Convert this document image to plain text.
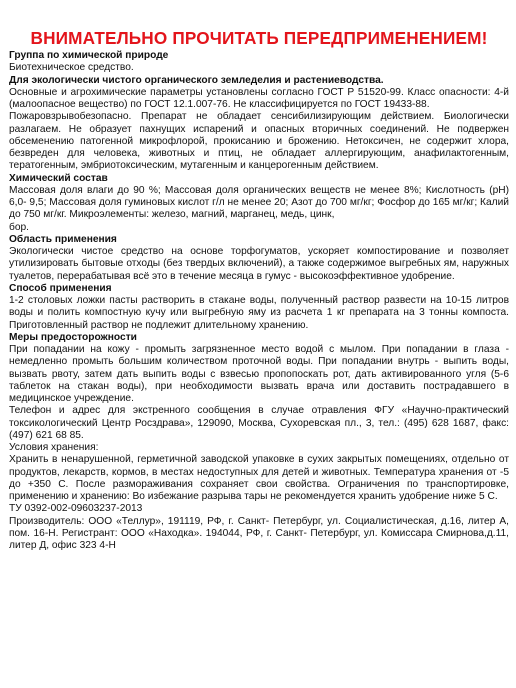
ВНИМАТЕЛЬНО ПРОЧИТАТЬ ПЕРЕДПРИМЕНЕНИЕМ!
Группа по химической природе
Биотехническое средство.
Для экологически чистого органического земледелия и растениеводства.
Основные и агрохимические параметры установлены согласно ГОСТ Р 51520-99. Класс опасности: 4-й (малоопасное вещество) по ГОСТ 12.1.007-76. Не классифицируется по ГОСТ 19433-88.
Пожаровзрывобезопасно. Препарат не обладает сенсибилизирующим действием. Биологически разлагаем. Не образует пахнущих испарений и опасных вторичных соединений. Не подвержен обсеменению патогенной микрофлорой, прокисанию и брожению. Нетоксичен, не содержит хлора, безвреден для человека, животных и птиц, не обладает аллергирующим, анафилактогенным, тератогенным, эмбриотоксическим, мутагенным и канцерогенным действием.
Химический состав
Массовая доля влаги до 90 %; Массовая доля органических веществ не менее 8%; Кислотность (рН) 6,0- 9,5; Массовая доля гуминовых кислот г/л не менее 20; Азот до 700 мг/кг; Фосфор до 165 мг/кг; Калий до 750 мг/кг. Микроэлементы: железо, магний, марганец, медь, цинк,
бор.
Область применения
Экологически чистое средство на основе торфогуматов, ускоряет компостирование и позволяет утилизировать бытовые отходы (без твердых включений), а также содержимое выгребных ям, наружных туалетов, перерабатывая всё это в течение месяца в гумус - высокоэффективное удобрение.
Способ применения
1-2 столовых ложки пасты растворить в стакане воды, полученный раствор развести на 10-15 литров воды и полить компостную кучу или выгребную яму из расчета 1 кг препарата на 3 тонны компоста. Приготовленный раствор не подлежит длительному хранению.
Меры предосторожности
При попадании на кожу - промыть загрязненное место водой с мылом. При попадании в глаза - немедленно промыть большим количеством проточной воды. При попадании внутрь - выпить воды, вызвать рвоту, затем дать выпить воды с взвесью пропопоскать рот, дать активированного угля (5-6 таблеток на стакан воды), при необходимости вызвать врача или доставить пострадавшего в медицинское учреждение.
Телефон и адрес для экстренного сообщения в случае отравления ФГУ «Научно-практический токсикологический Центр Росздрава», 129090, Москва, Сухоревская пл., 3, тел.: (495) 628 1687, факс: (497) 621 68 85.
Условия хранения:
Хранить в ненарушенной, герметичной заводской упаковке в сухих закрытых помещениях, отдельно от продуктов, лекарств, кормов, в местах недоступных для детей и животных. Температура хранения от -5 до +350 С. После размораживания сохраняет свои свойства. Ограничения по транспортировке, применению и хранению: Во избежание разрыва тары не рекомендуется хранить удобрение ниже 5 С.
ТУ 0392-002-09603237-2013
Производитель: ООО «Теллур», 191119, РФ, г. Санкт- Петербург, ул. Социалистическая, д.16, литер А, пом. 16-Н. Регистрант: ООО «Находка». 194044, РФ, г. Санкт- Петербург, ул. Комиссара Смирнова,д.11, литер Д, офис 323 4-Н
